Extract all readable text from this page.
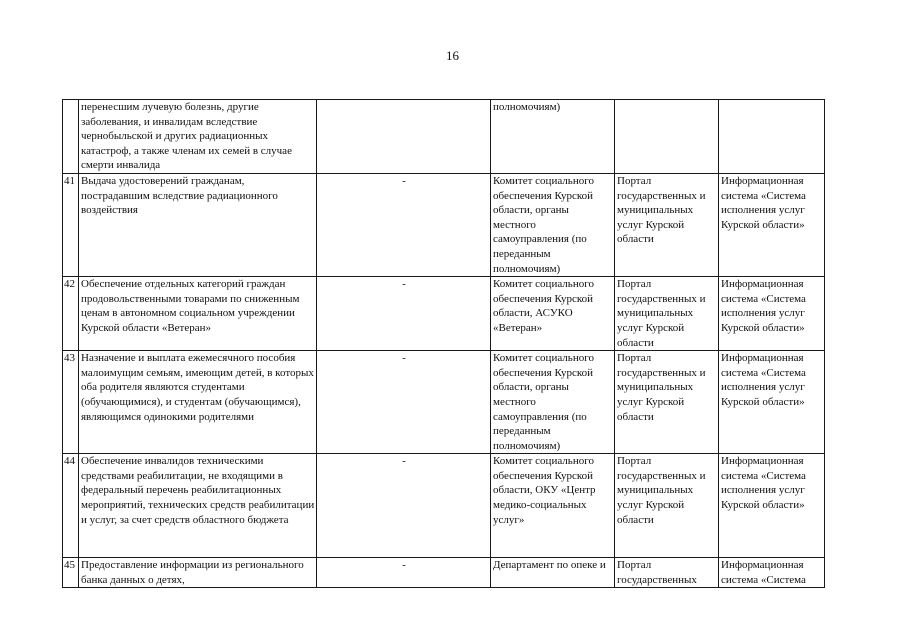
16
	перенесшим лучевую болезнь, другие заболевания, и инвалидам вследствие чернобыльской и других радиационных катастроф, а также членам их семей в случае смерти инвалида		полномочиям)		
41	Выдача удостоверений гражданам, пострадавшим вследствие радиационного воздействия	-	Комитет социального обеспечения Курской области, органы местного самоуправления (по переданным полномочиям)	Портал государственных и муниципальных услуг Курской области	Информационная система «Система исполнения услуг Курской области»
42	Обеспечение отдельных категорий граждан продовольственными товарами по сниженным ценам в автономном социальном учреждении Курской области «Ветеран»	-	Комитет социального обеспечения Курской области, АСУКО «Ветеран»	Портал государственных и муниципальных услуг Курской области	Информационная система «Система исполнения услуг Курской области»
43	Назначение и выплата ежемесячного пособия малоимущим семьям, имеющим детей, в которых оба родителя являются студентами (обучающимися), и студентам (обучающимся), являющимся одинокими родителями	-	Комитет социального обеспечения Курской области, органы местного самоуправления (по переданным полномочиям)	Портал государственных и муниципальных услуг Курской области	Информационная система «Система исполнения услуг Курской области»
44	Обеспечение инвалидов техническими средствами реабилитации, не входящими в федеральный перечень реабилитационных мероприятий, технических средств реабилитации и услуг, за счет средств областного бюджета	-	Комитет социального обеспечения Курской области, ОКУ «Центр медико-социальных услуг»	Портал государственных и муниципальных услуг Курской области	Информационная система «Система исполнения услуг Курской области»
45	Предоставление информации из регионального банка данных о детях,	-	Департамент по опеке и	Портал государственных	Информационная система «Система
